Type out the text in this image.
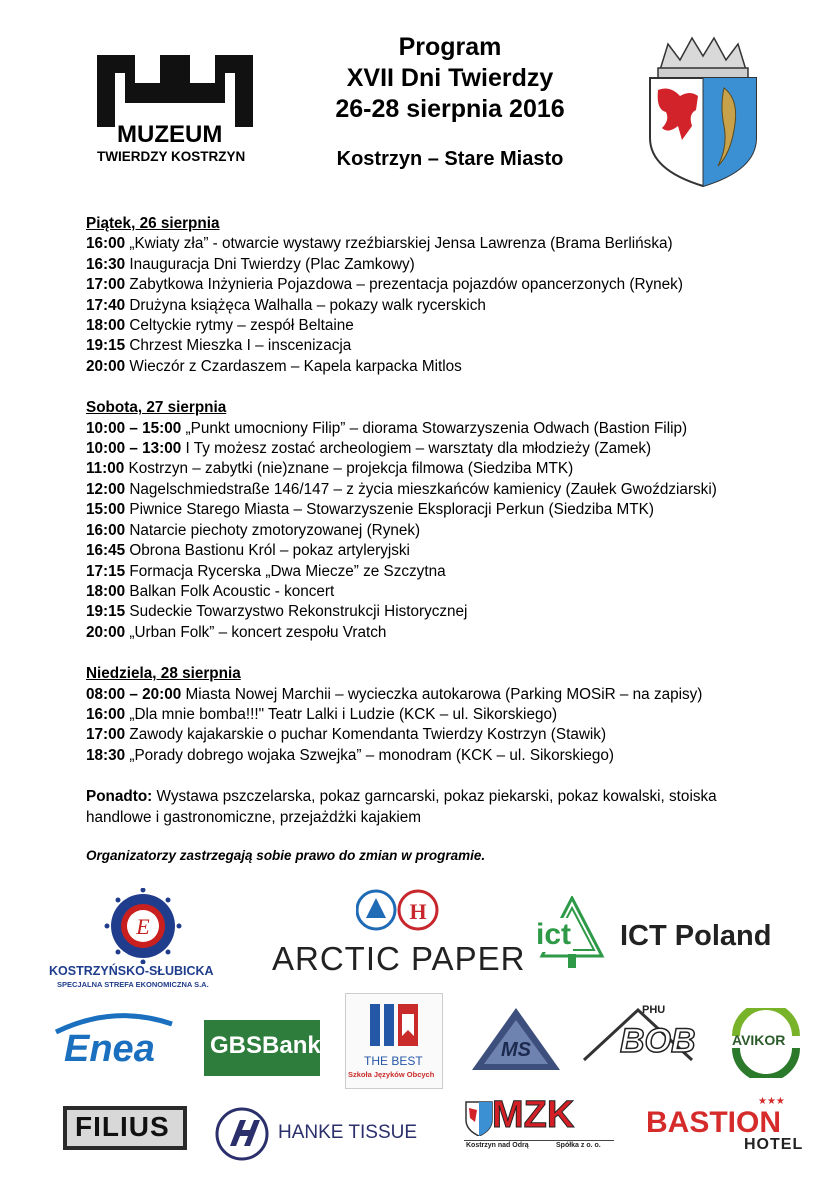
MUZEUM
TWIERDZY KOSTRZYN
Program
XVII Dni Twierdzy
26-28 sierpnia 2016
Kostrzyn – Stare Miasto
Piątek, 26 sierpnia
16:00 „Kwiaty zła” - otwarcie wystawy rzeźbiarskiej Jensa Lawrenza (Brama Berlińska)
16:30 Inauguracja Dni Twierdzy (Plac Zamkowy)
17:00 Zabytkowa Inżynieria Pojazdowa – prezentacja pojazdów opancerzonych (Rynek)
17:40 Drużyna książęca Walhalla – pokazy walk rycerskich
18:00 Celtyckie rytmy – zespół Beltaine
19:15 Chrzest Mieszka I – inscenizacja
20:00 Wieczór z Czardaszem – Kapela karpacka Mitlos
Sobota, 27 sierpnia
10:00 – 15:00 „Punkt umocniony Filip” – diorama Stowarzyszenia Odwach (Bastion Filip)
10:00 – 13:00 I Ty możesz zostać archeologiem – warsztaty dla młodzieży (Zamek)
11:00 Kostrzyn – zabytki (nie)znane – projekcja filmowa (Siedziba MTK)
12:00 Nagelschmiedstraße 146/147 – z życia mieszkańców kamienicy (Zaułek Gwoździarski)
15:00 Piwnice Starego Miasta – Stowarzyszenie Eksploracji Perkun (Siedziba MTK)
16:00 Natarcie piechoty zmotoryzowanej (Rynek)
16:45 Obrona Bastionu Król – pokaz artyleryjski
17:15 Formacja Rycerska „Dwa Miecze” ze Szczytna
18:00 Balkan Folk Acoustic - koncert
19:15 Sudeckie Towarzystwo Rekonstrukcji Historycznej
20:00 „Urban Folk” – koncert zespołu Vratch
Niedziela, 28 sierpnia
08:00 – 20:00 Miasta Nowej Marchii – wycieczka autokarowa (Parking MOSiR – na zapisy)
16:00 „Dla mnie bomba!!!" Teatr Lalki i Ludzie (KCK – ul. Sikorskiego)
17:00 Zawody kajakarskie o puchar Komendanta Twierdzy Kostrzyn (Stawik)
18:30 „Porady dobrego wojaka Szwejka” – monodram (KCK – ul. Sikorskiego)
Ponadto: Wystawa pszczelarska, pokaz garncarski, pokaz piekarski, pokaz kowalski, stoiska
handlowe i gastronomiczne, przejażdżki kajakiem
Organizatorzy zastrzegają sobie prawo do zmian w programie.
E
KOSTRZYŃSKO-SŁUBICKA
SPECJALNA STREFA EKONOMICZNA S.A.
H
ARCTIC PAPER
ict ICT Poland
Enea GBSBank
THE BEST
Szkoła Języków Obcych
MS
PHU
BOB	AVIKOR
FILIUS	HANKE TISSUE MZK
Kostrzyn nad Odrą	Spółka z o. o.
★★★
BASTION
HOTEL
